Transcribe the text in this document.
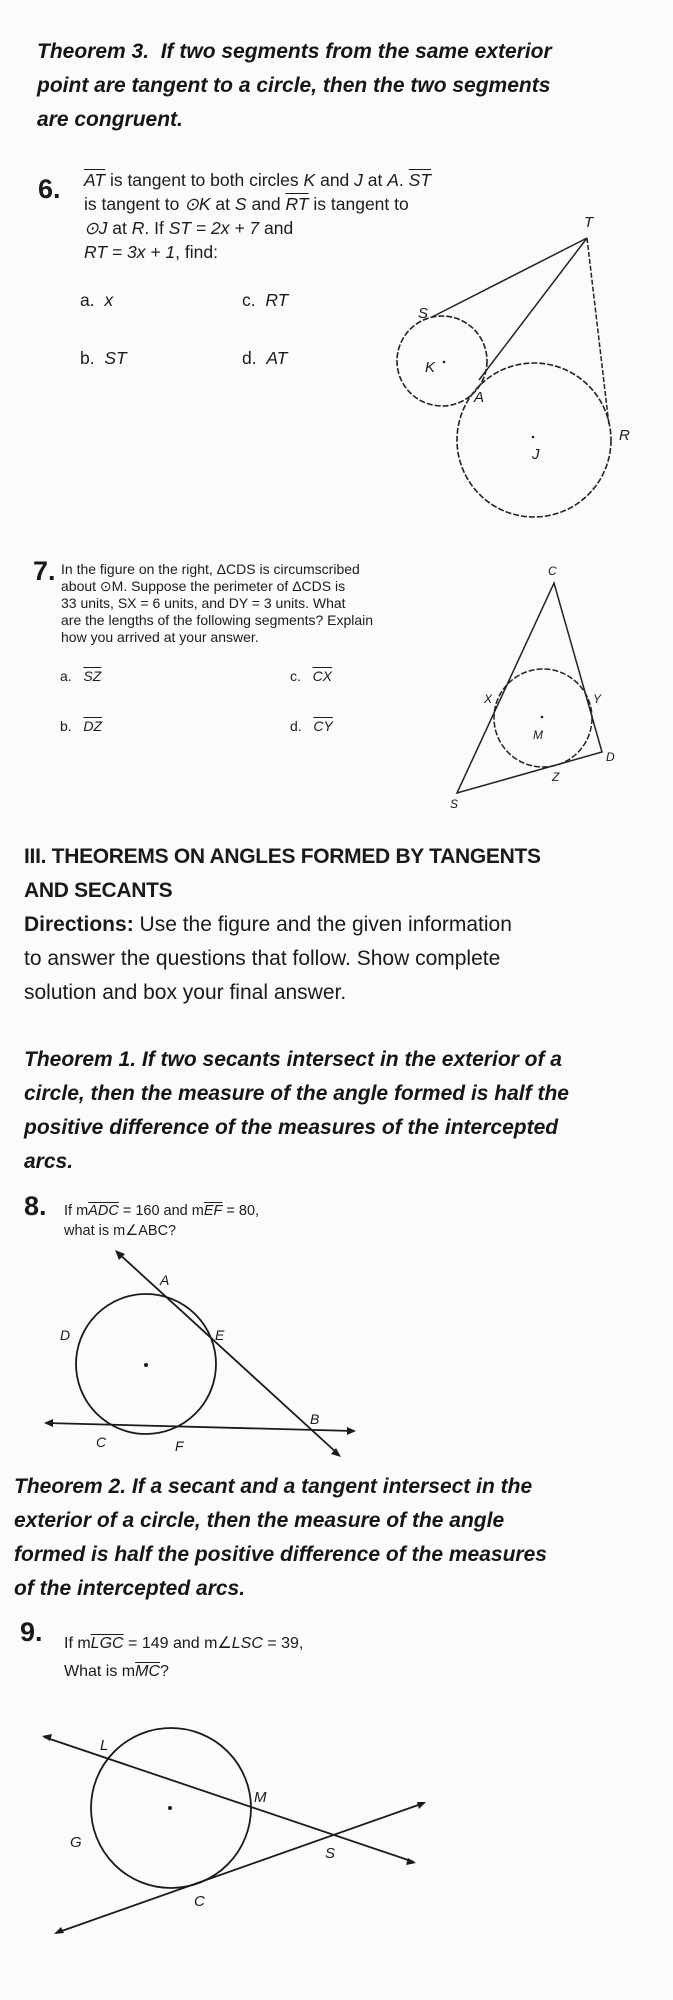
Theorem 3. If two segments from the same exterior
point are tangent to a circle, then the two segments
are congruent.
6. $\overline{AT}$ is tangent to both circles K and J at A. $\overline{ST}$
is tangent to ⊙K at S and $\overline{RT}$ is tangent to
⊙J at R. If ST = 2x + 7 and
RT = 3x + 1, find:
a. x
b. ST
c. RT
d. AT
T
S
K
A
J
R
7. In the figure on the right, ΔCDS is circumscribed
about ⊙M. Suppose the perimeter of ΔCDS is
33 units, SX = 6 units, and DY = 3 units. What
are the lengths of the following segments? Explain
how you arrived at your answer.
a. $\overline{SZ}$
b. $\overline{DZ}$
c. $\overline{CX}$
d. $\overline{CY}$
C
X	Y
M
D
Z
S
III. THEOREMS ON ANGLES FORMED BY TANGENTS
AND SECANTS
Directions: Use the figure and the given information
to answer the questions that follow. Show complete
solution and box your final answer.
Theorem 1. If two secants intersect in the exterior of a
circle, then the measure of the angle formed is half the
positive difference of the measures of the intercepted
arcs.
8. If $m\overline{ADC} = 160$ and $m\overline{EF} = 80$,
what is m∠ABC?
A
D	E
B
C	F
Theorem 2. If a secant and a tangent intersect in the
exterior of a circle, then the measure of the angle
formed is half the positive difference of the measures
of the intercepted arcs.
9. If $m\overline{LGC} = 149$ and m∠LSC = 39,
What is $m\overline{MC}$?
L
M
G
S
C
